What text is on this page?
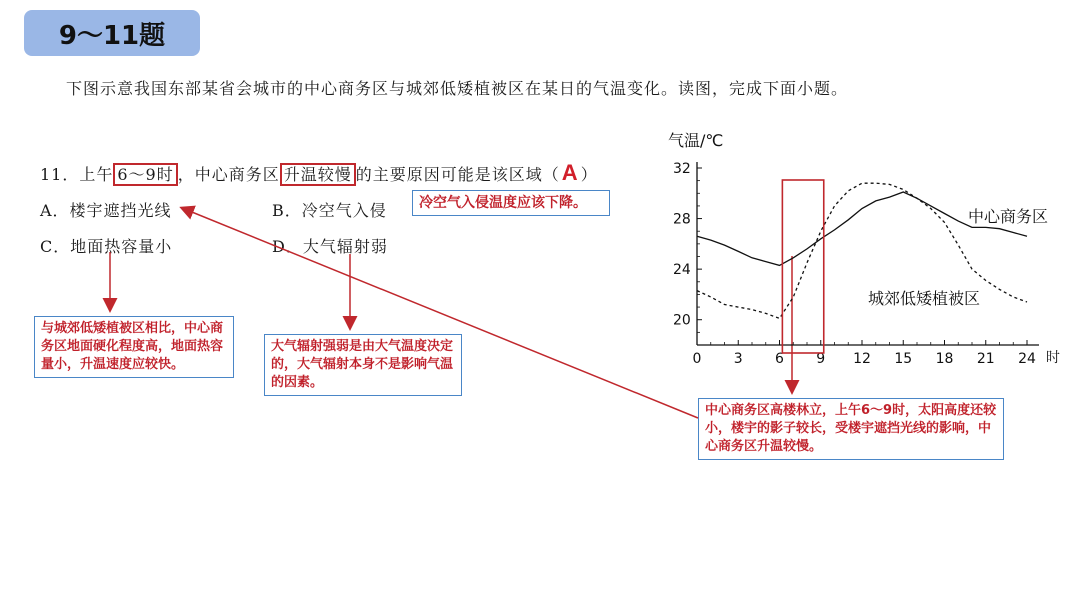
9～11题
下图示意我国东部某省会城市的中心商务区与城郊低矮植被区在某日的气温变化。读图，完成下面小题。
11．上午 6～9时 ，中心商务区 升温较慢 的主要原因可能是该区域（A ）
A．楼宇遮挡光线	B．冷空气入侵
C．地面热容量小	D．大气辐射弱
冷空气入侵温度应该下降。
与城郊低矮植被区相比，中心商务区地面硬化程度高，地面热容量小，升温速度应较快。
大气辐射强弱是由大气温度决定的，大气辐射本身不是影响气温的因素。
中心商务区高楼林立，上午6～9时，太阳高度还较小，楼宇的影子较长，受楼宇遮挡光线的影响，中心商务区升温较慢。
气温/℃
时
20
24
28
32
0 3 6 9 12 15 18 21 24
中心商务区
城郊低矮植被区
